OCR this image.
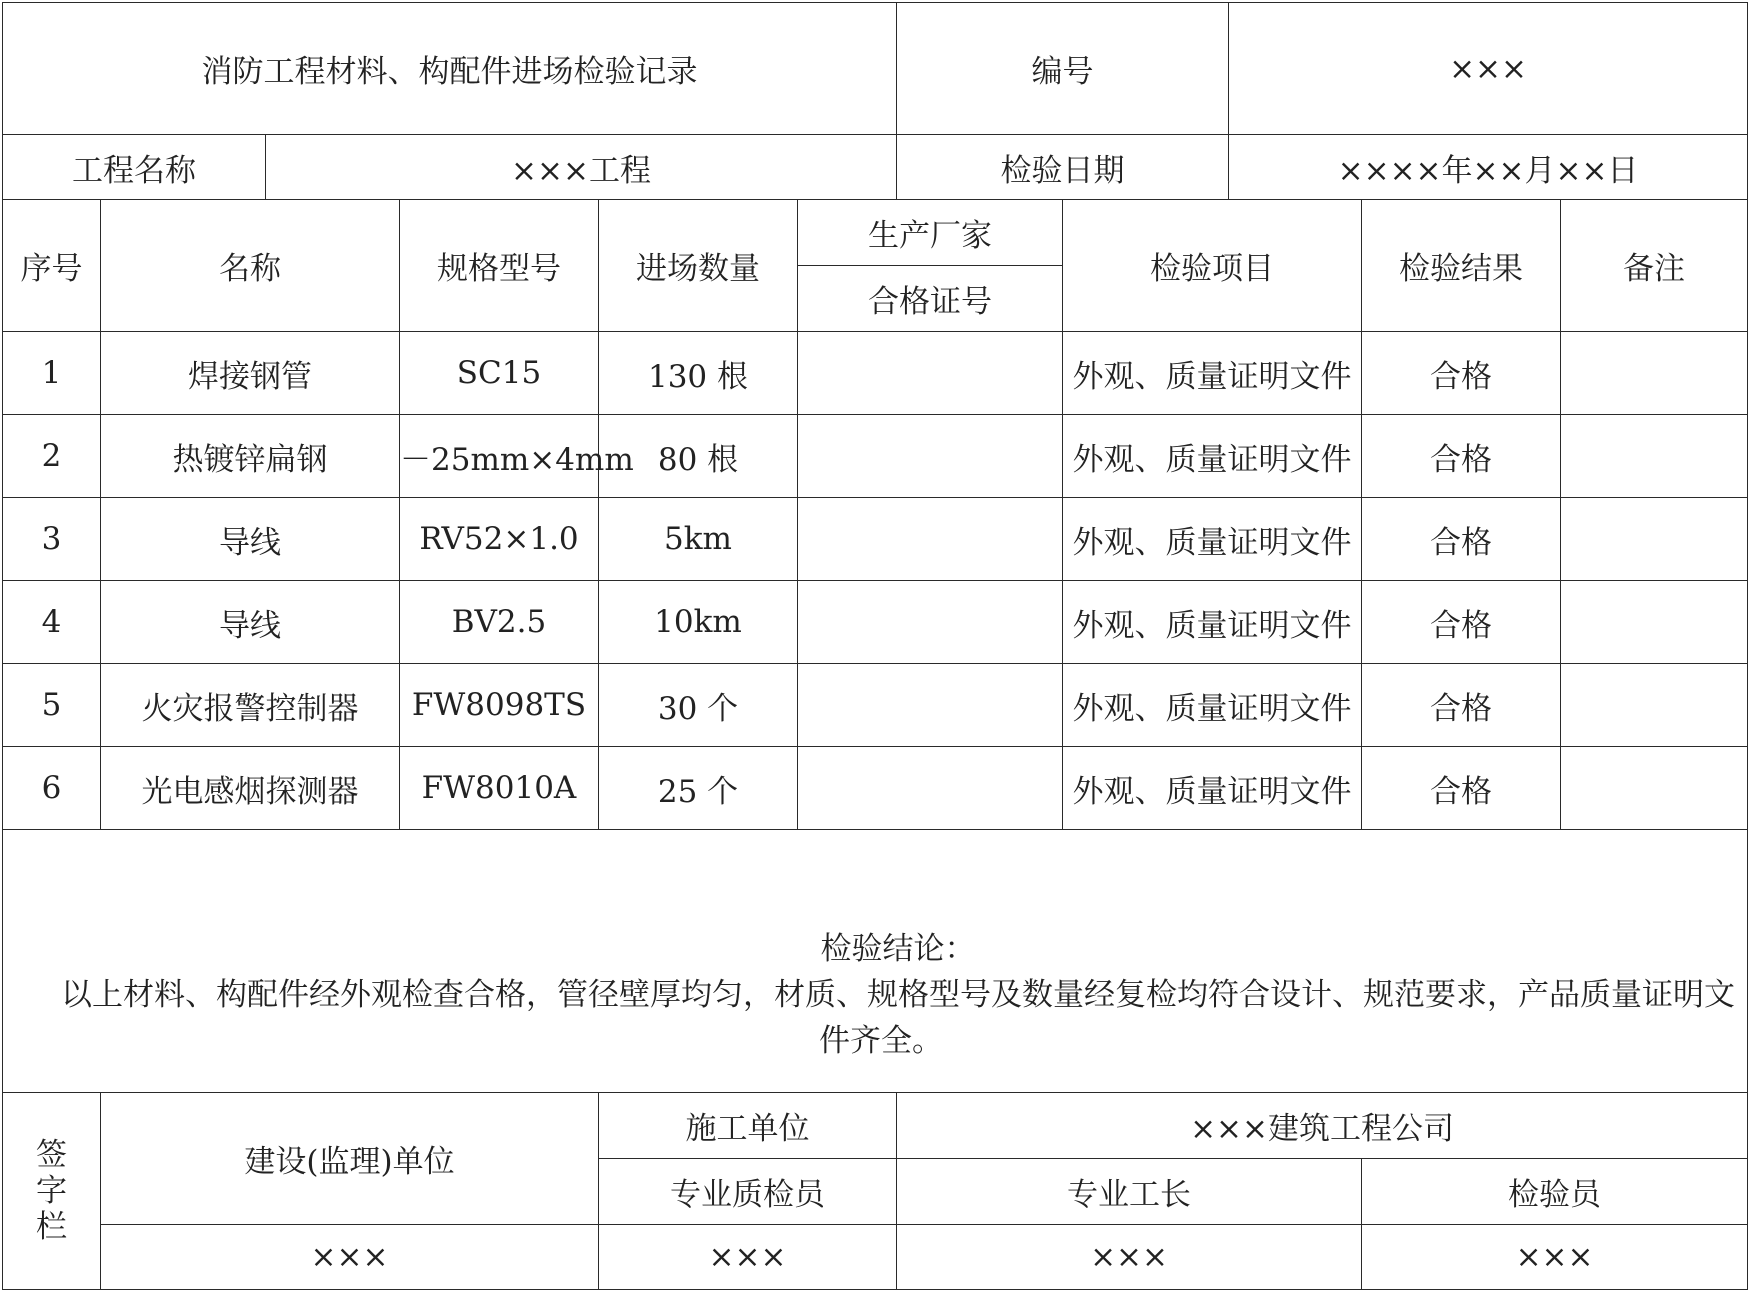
消防工程材料、构配件进场检验记录						编号		×××		
工程名称		×××工程				检验日期		××××年××月××日		
序号	名称		规格型号	进场数量	生产厂家		检验项目		检验结果	备注
					合格证号					
1	焊接钢管		SC15	130 根			外观、质量证明文件		合格	
2	热镀锌扁钢		－25mm×4mm	80 根			外观、质量证明文件		合格	
3	导线		RV52×1.0	5km			外观、质量证明文件		合格	
4	导线		BV2.5	10km			外观、质量证明文件		合格	
5	火灾报警控制器		FW8098TS	30 个			外观、质量证明文件		合格	
6	光电感烟探测器		FW8010A	25 个			外观、质量证明文件		合格	

检验结论：
以上材料、构配件经外观检查合格，管径壁厚均匀，材质、规格型号及数量经复检均符合设计、规范要求，产品质量证明文件齐全。										

签
字
栏	建设(监理)单位			施工单位		×××建筑工程公司				
				专业质检员		专业工长			检验员	
	×××			×××		×××			×××	
